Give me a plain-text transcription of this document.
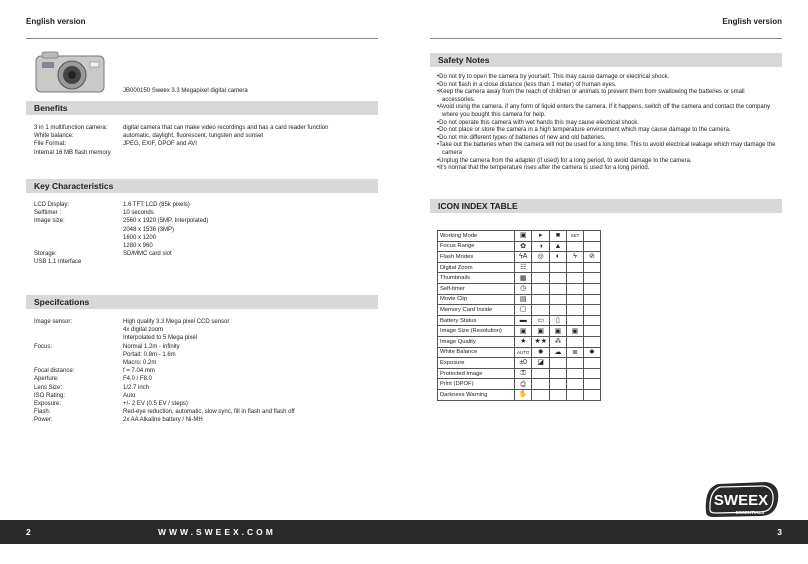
English version	English version
JB000150 Sweex 3.3 Megapixel digital camera
Benefits
3 in 1 multifunction camera:	digital camera that can make video recordings and has a card reader function
White balance:	automatic, daylight, fluorescent, tungsten and sunset
File Format:	JPEG, EXIF, DPOF and AVI
Internal 16 MB flash memory
Key Characteristics
LCD Display:	1.6 TFT LCD (85k pixels)
Selftimer :	10 seconds
Image size:	2560 x 1920 (5MP, Interpolated)
2048 x 1536 (3MP)
1600 x 1200
1280 x 960
Storage:	SD/MMC card slot
USB 1.1 Interface
Specifcations
Image sensor:	High quality 3.3 Mega pixel CCD sensor
4x digital zoom
Interpolated to 5 Mega pixel
Focus:	Normal 1.2m - infinity
Portait: 0.8m - 1.6m
Macro: 0.2m
Focal distance:	f = 7.04 mm
Aperture:	F4.0 / F8.0
Lens Size:	1/2.7 inch
ISO Rating:	Auto
Exposure:	+/- 2 EV (0.5 EV / steps)
Flash:	Red-eye reduction, automatic, slow sync, fill in flash and flash off
Power:	2x AA Alkaline battery / Ni-MH
Safety Notes
• Do not try to open the camera by yourself. This may cause damage or electrical shock.
• Do not flash in a close distance (less than 1 meter) of human eyes.
• Keep the camera away from the reach of children or animals to prevent them from swallowing the batteries or small accessories.
• Avoid using the camera, if any form of liquid enters the camera. If it happens, switch off the camera and contact the company where you bought this camera for help.
• Do not operate this camera with wet hands this may cause electrical shock.
• Do not place or store the camera in a high temperature environment which may cause damage to the camera.
• Do not mix different types of batteries of new and old batteries.
• Take out the batteries when the camera will not be used for a long time. This to avoid electrical leakage which may damage the camera
• Unplug the camera from the adapter (if used) for a long period, to avoid damage to the camera.
• It's normal that the temperature rises after the camera is used for a long period.
ICON INDEX TABLE
Working Mode	▣	▸	■	SET	
Focus Range	✿	◑	▲		
Flash Modes	ϟA	◎	◐	ϟ	⊘
Digital Zoom	☷				
Thumbnails	▦				
Self-timer	◷				
Movie Clip	▤				
Memory Card Inside	▢				
Battery Status	▬	▭	▯		
Image Size (Resolution)	▣	▣	▣	▣	
Image Quality	★	★★	⁂		
White Balance	AUTO	✹	☁	≣	✸
Exposure	±0	◪			
Protected Image	⚿				
Print (DPOF)	⎙				
Darkness Warning	✋				
SWEEX
ESSENTIALS
2	WWW.SWEEX.COM	3
